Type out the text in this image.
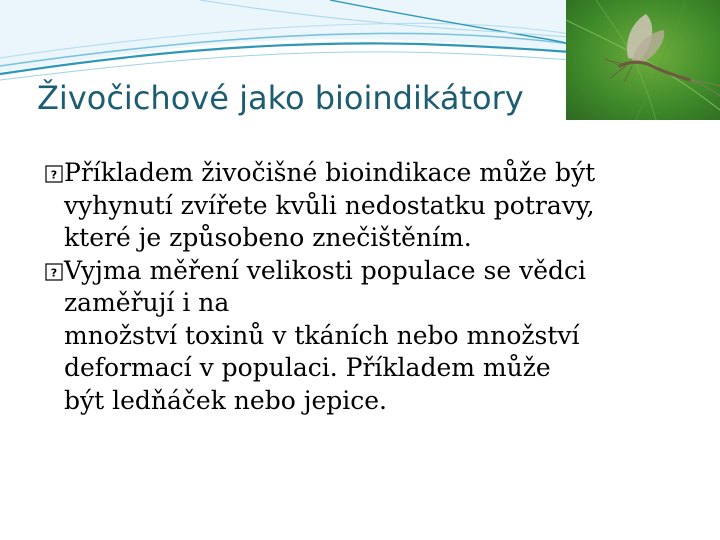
Živočichové jako bioindikátory
? Příkladem živočišné bioindikace může být
vyhynutí zvířete kvůli nedostatku potravy,
které je způsobeno znečištěním.
? Vyjma měření velikosti populace se vědci
zaměřují i na
množství toxinů v tkáních nebo množství
deformací v populaci. Příkladem může
být ledňáček nebo jepice.
